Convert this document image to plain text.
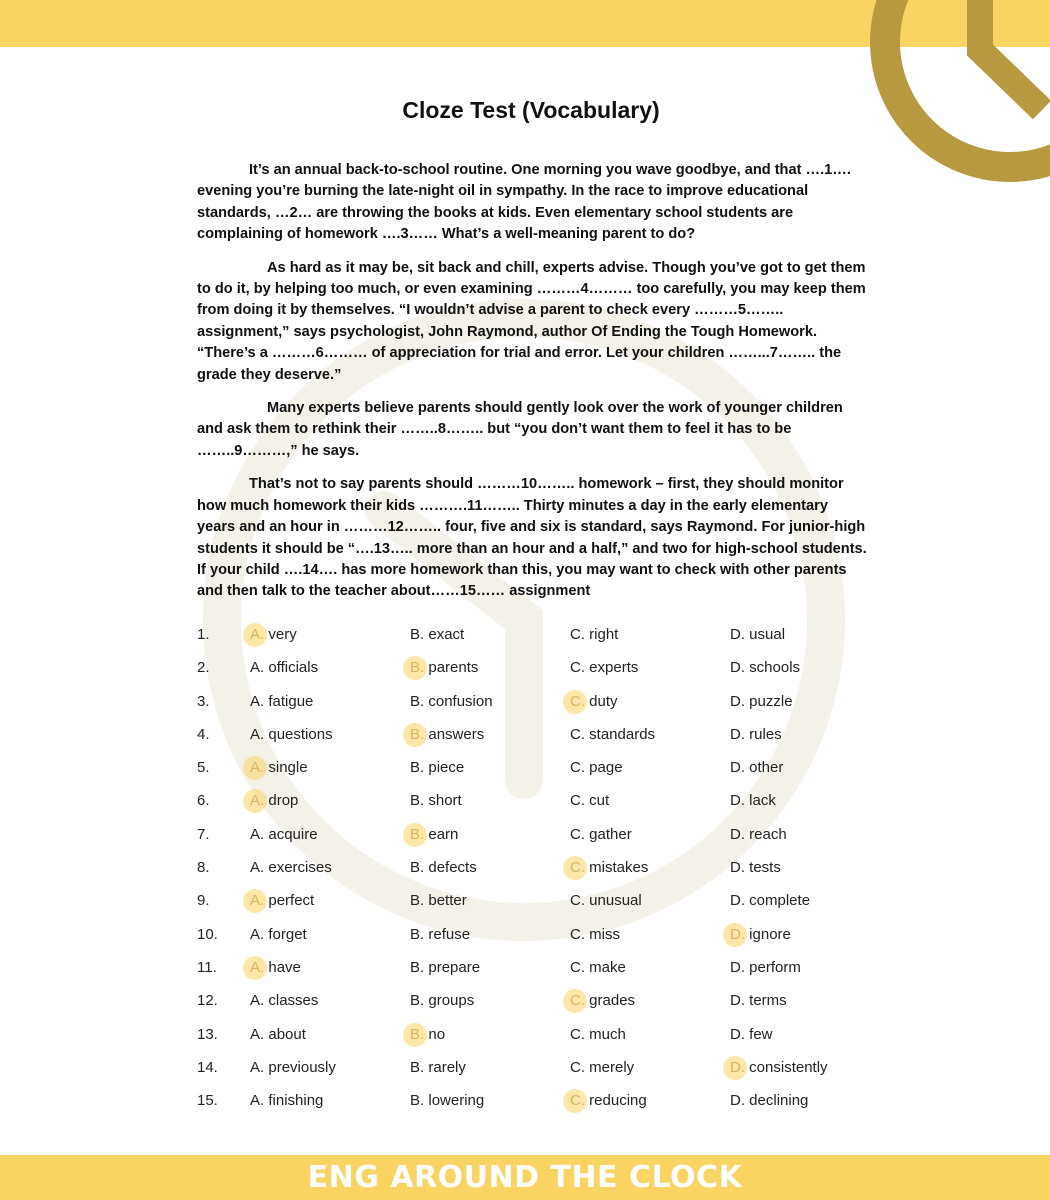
Cloze Test (Vocabulary)

It’s an annual back-to-school routine. One morning you wave goodbye, and that ….1…. evening you’re burning the late-night oil in sympathy. In the race to improve educational standards, …2… are throwing the books at kids. Even elementary school students are complaining of homework ….3…… What’s a well-meaning parent to do?

As hard as it may be, sit back and chill, experts advise. Though you’ve got to get them to do it, by helping too much, or even examining ………4……… too carefully, you may keep them from doing it by themselves. “I wouldn’t advise a parent to check every ………5…….. assignment,” says psychologist, John Raymond, author Of Ending the Tough Homework. “There’s a ………6……… of appreciation for trial and error. Let your children ……...7…….. the grade they deserve.”

Many experts believe parents should gently look over the work of younger children and ask them to rethink their ……..8…….. but “you don’t want them to feel it has to be ……..9………,” he says.

That’s not to say parents should ………10…….. homework – first, they should monitor how much homework their kids ……….11…….. Thirty minutes a day in the early elementary years and an hour in ………12…….. four, five and six is standard, says Raymond. For junior-high students it should be “….13….. more than an hour and a half,” and two for high-school students. If your child ….14…. has more homework than this, you may want to check with other parents and then talk to the teacher about……15…… assignment

1.	A. very	B. exact	C. right	D. usual
2.	A. officials	B. parents	C. experts	D. schools
3.	A. fatigue	B. confusion	C. duty	D. puzzle
4.	A. questions	B. answers	C. standards	D. rules
5.	A. single	B. piece	C. page	D. other
6.	A. drop	B. short	C. cut	D. lack
7.	A. acquire	B. earn	C. gather	D. reach
8.	A. exercises	B. defects	C. mistakes	D. tests
9.	A. perfect	B. better	C. unusual	D. complete
10. A. forget	B. refuse	C. miss	D. ignore
11. A. have	B. prepare	C. make	D. perform
12. A. classes	B. groups	C. grades	D. terms
13. A. about	B. no	C. much	D. few
14. A. previously	B. rarely	C. merely	D. consistently
15. A. finishing	B. lowering	C. reducing	D. declining
ENG AROUND THE CLOCK
